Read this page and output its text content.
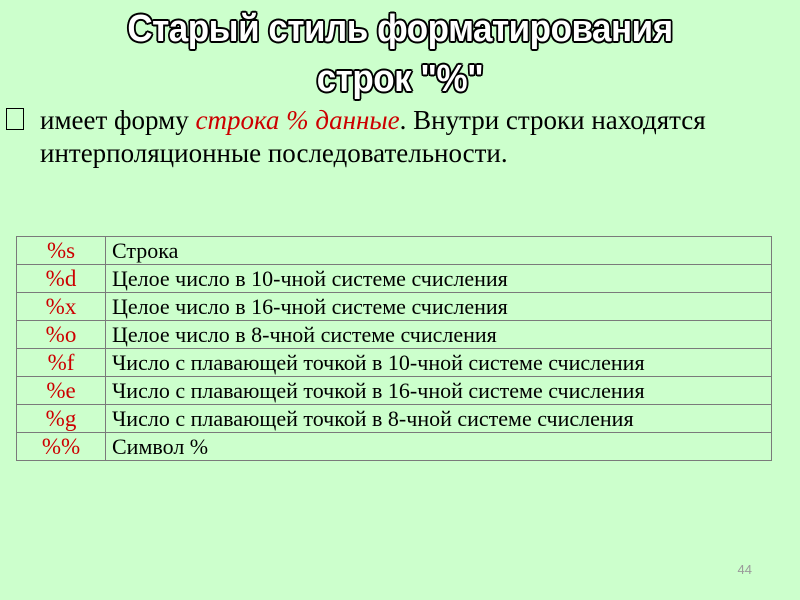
Старый стиль форматирования
строк "%"
имеет форму строка % данные. Внутри строки находятся интерполяционные последовательности.
%s	Строка
%d	Целое число в 10-чной системе счисления
%x	Целое число в 16-чной системе счисления
%o	Целое число в 8-чной системе счисления
%f	Число с плавающей точкой в 10-чной системе счисления
%e	Число с плавающей точкой в 16-чной системе счисления
%g	Число с плавающей точкой в 8-чной системе счисления
%%	Символ %
44
